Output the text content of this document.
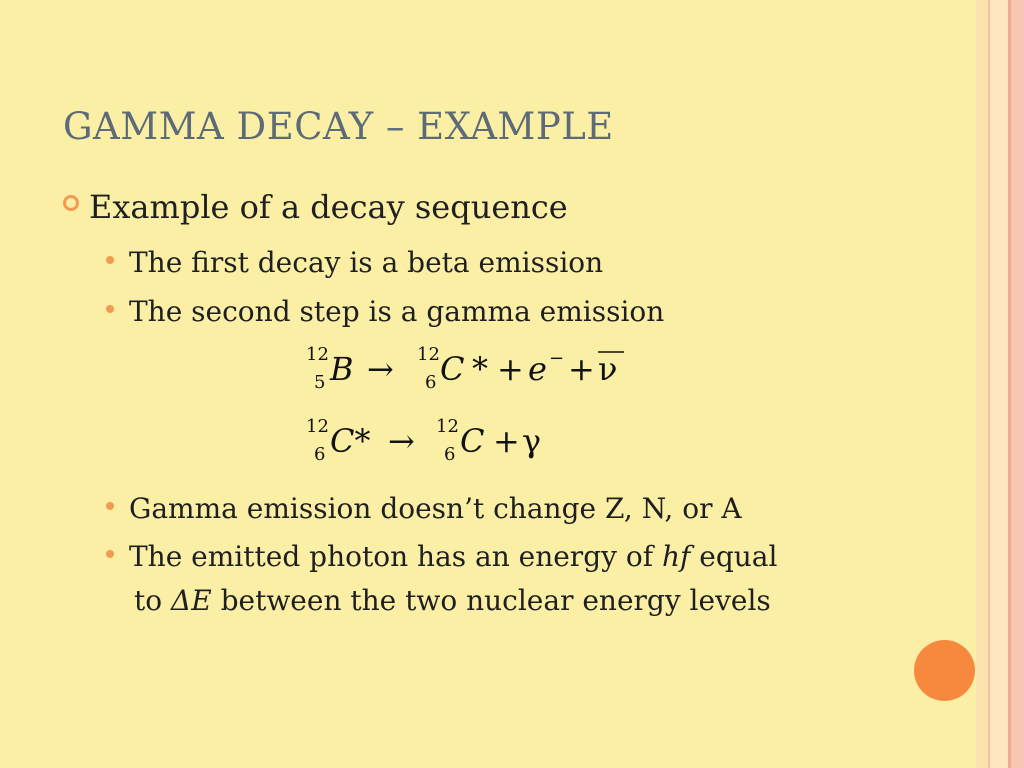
GAMMA DECAY – EXAMPLE
Example of a decay sequence
The first decay is a beta emission
The second step is a gamma emission
12
5 B → 12
6 C * + e − + ν
12
6 C* → 12
6 C + γ
Gamma emission doesn’t change Z, N, or A
The emitted photon has an energy of hf equal
to ΔE between the two nuclear energy levels
